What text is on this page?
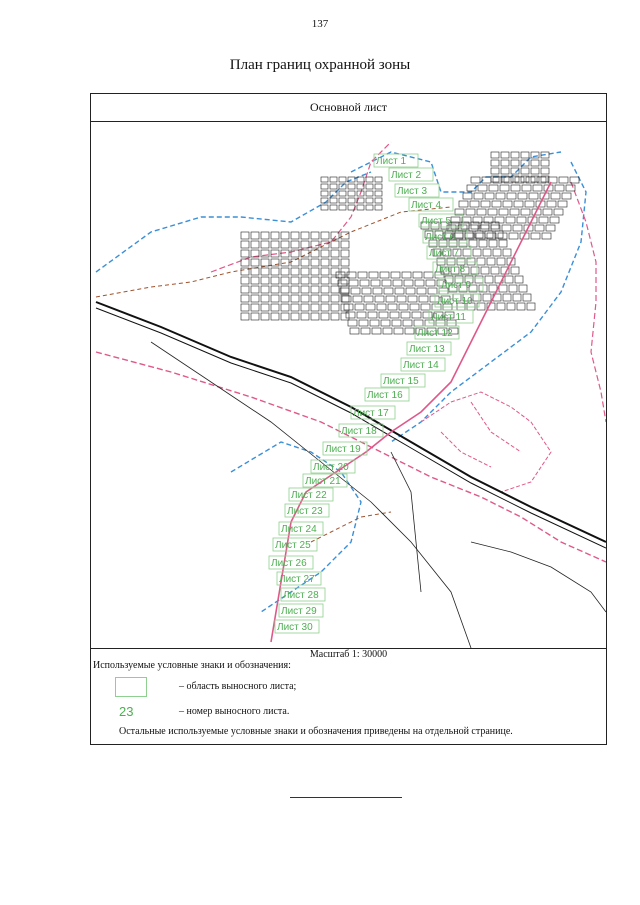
137
План границ охранной зоны
Основной лист
Лист 1
Лист 2
Лист 3
Лист 4
Лист 5
Лист 6
Лист 7
Лист 8
Лист 9
Лист 10
Лист 11
Лист 12
Лист 13
Лист 14
Лист 15
Лист 16
Лист 17
Лист 18
Лист 19
Лист 20
Лист 21
Лист 22
Лист 23
Лист 24
Лист 25
Лист 26
Лист 27
Лист 28
Лист 29
Лист 30
Масштаб 1: 30000
Используемые условные знаки и обозначения:
– область выносного листа;
23	– номер выносного листа.
Остальные используемые условные знаки и обозначения приведены на отдельной странице.
